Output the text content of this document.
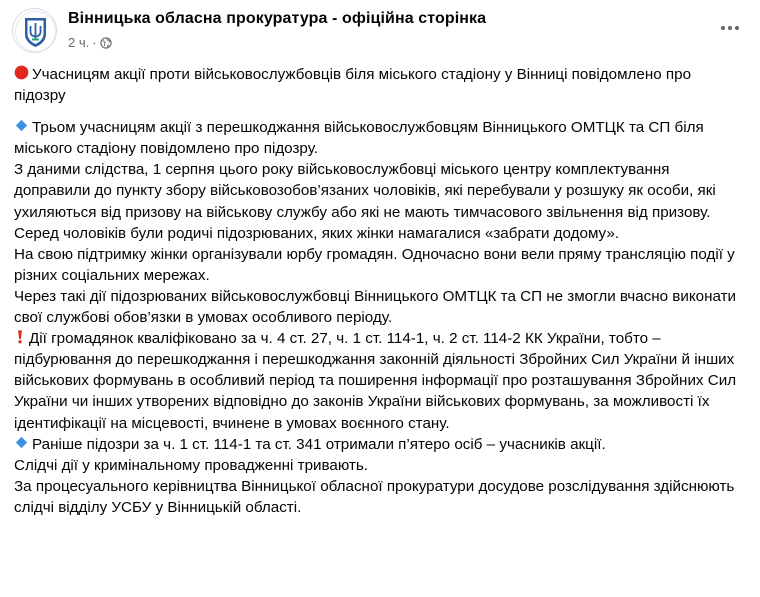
Вінницька обласна прокуратура - офіційна сторінка
2 ч. ·

Учасницям акції проти військовослужбовців біля міського стадіону у Вінниці повідомлено про підозру

Трьом учасницям акції з перешкоджання військовослужбовцям Вінницького ОМТЦК та СП біля міського стадіону повідомлено про підозру.

З даними слідства, 1 серпня цього року військовослужбовці міського центру комплектування доправили до пункту збору військовозобов’язаних чоловіків, які перебували у розшуку як особи, які ухиляються від призову на військову службу або які не мають тимчасового звільнення від призову.

Серед чоловіків були родичі підозрюваних, яких жінки намагалися «забрати додому».

На свою підтримку жінки організували юрбу громадян. Одночасно вони вели пряму трансляцію події у різних соціальних мережах.

Через такі дії підозрюваних військовослужбовці Вінницького ОМТЦК та СП не змогли вчасно виконати свої службові обов’язки в умовах особливого періоду.

Дії громадянок кваліфіковано за ч. 4 ст. 27, ч. 1 ст. 114-1, ч. 2 ст. 114-2 КК України, тобто – підбурювання до перешкоджання і перешкоджання законній діяльності Збройних Сил України й інших військових формувань в особливий період та поширення інформації про розташування Збройних Сил України чи інших утворених відповідно до законів України військових формувань, за можливості їх ідентифікації на місцевості, вчинене в умовах воєнного стану.

Раніше підозри за ч. 1 ст. 114-1 та ст. 341 отримали п’ятеро осіб – учасників акції.

Слідчі дії у кримінальному провадженні тривають.

За процесуального керівництва Вінницької обласної прокуратури досудове розслідування здійснюють слідчі відділу УСБУ у Вінницькій області.
